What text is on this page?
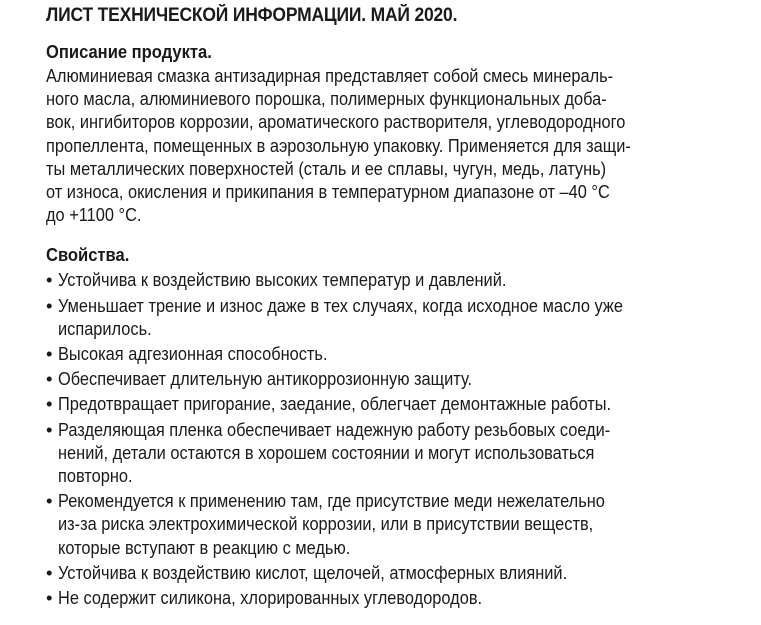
ЛИСТ ТЕХНИЧЕСКОЙ ИНФОРМАЦИИ. МАЙ 2020.
Описание продукта.
Алюминиевая смазка антизадирная представляет собой смесь минераль-
ного масла, алюминиевого порошка, полимерных функциональных доба-
вок, ингибиторов коррозии, ароматического растворителя, углеводородного
пропеллента, помещенных в аэрозольную упаковку. Применяется для защи-
ты металлических поверхностей (сталь и ее сплавы, чугун, медь, латунь)
от износа, окисления и прикипания в температурном диапазоне от –40 °C
до +1100 °C.
Свойства.
• Устойчива к воздействию высоких температур и давлений.
• Уменьшает трение и износ даже в тех случаях, когда исходное масло уже
испарилось.
• Высокая адгезионная способность.
• Обеспечивает длительную антикоррозионную защиту.
• Предотвращает пригорание, заедание, облегчает демонтажные работы.
• Разделяющая пленка обеспечивает надежную работу резьбовых соеди-
нений, детали остаются в хорошем состоянии и могут использоваться
повторно.
• Рекомендуется к применению там, где присутствие меди нежелательно
из-за риска электрохимической коррозии, или в присутствии веществ,
которые вступают в реакцию с медью.
• Устойчива к воздействию кислот, щелочей, атмосферных влияний.
• Не содержит силикона, хлорированных углеводородов.
